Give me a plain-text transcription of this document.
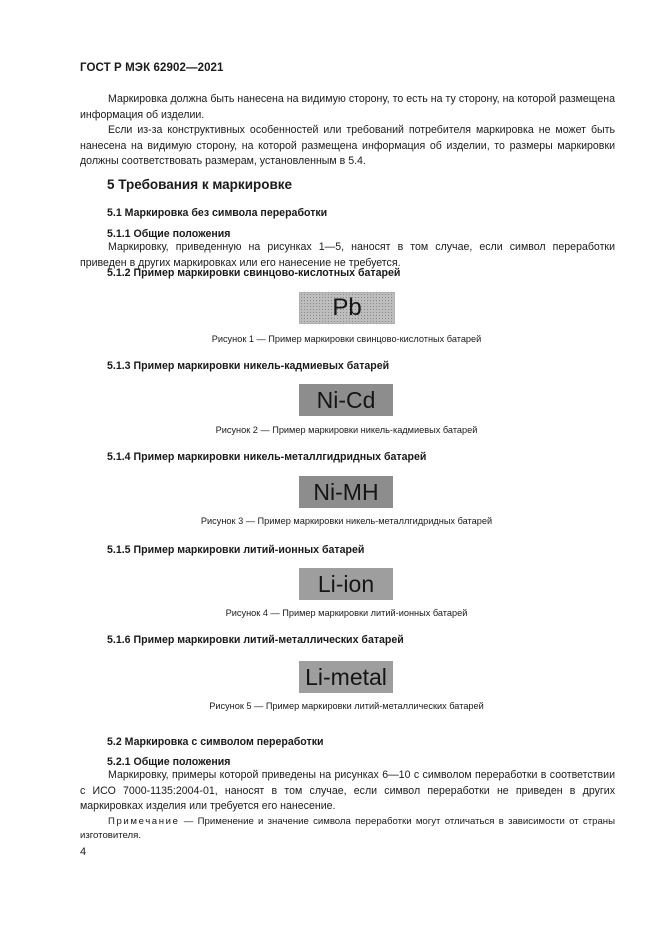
ГОСТ Р МЭК 62902—2021

Маркировка должна быть нанесена на видимую сторону, то есть на ту сторону, на которой размещена информация об изделии.

Если из-за конструктивных особенностей или требований потребителя маркировка не может быть нанесена на видимую сторону, на которой размещена информация об изделии, то размеры маркировки должны соответствовать размерам, установленным в 5.4.

5 Требования к маркировке
5.1 Маркировка без символа переработки
5.1.1 Общие положения

Маркировку, приведенную на рисунках 1—5, наносят в том случае, если символ переработки приведен в других маркировках или его нанесение не требуется.

5.1.2 Пример маркировки свинцово-кислотных батарей
Pb
Рисунок 1 — Пример маркировки свинцово-кислотных батарей
5.1.3 Пример маркировки никель-кадмиевых батарей
Ni-Cd
Рисунок 2 — Пример маркировки никель-кадмиевых батарей
5.1.4 Пример маркировки никель-металлгидридных батарей
Ni-MH
Рисунок 3 — Пример маркировки никель-металлгидридных батарей
5.1.5 Пример маркировки литий-ионных батарей
Li-ion
Рисунок 4 — Пример маркировки литий-ионных батарей
5.1.6 Пример маркировки литий-металлических батарей
Li-metal
Рисунок 5 — Пример маркировки литий-металлических батарей
5.2 Маркировка с символом переработки
5.2.1 Общие положения

Маркировку, примеры которой приведены на рисунках 6—10 с символом переработки в соответствии с ИСО 7000-1135:2004-01, наносят в том случае, если символ переработки не приведен в других маркировках изделия или требуется его нанесение.

Примечание — Применение и значение символа переработки могут отличаться в зависимости от страны изготовителя.

4
